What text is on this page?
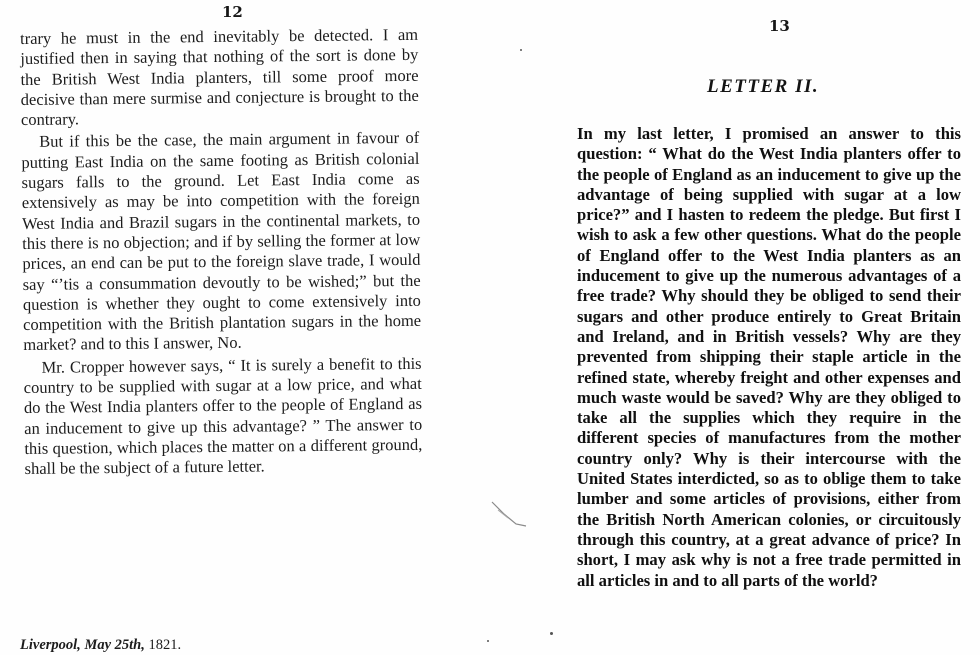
12

trary he must in the end inevitably be detected. I am justified then in saying that nothing of the sort is done by the British West India planters, till some proof more decisive than mere surmise and conjecture is brought to the contrary.

But if this be the case, the main argument in favour of putting East India on the same footing as British colonial sugars falls to the ground. Let East India come as extensively as may be into competition with the foreign West India and Brazil sugars in the continental markets, to this there is no objection; and if by selling the former at low prices, an end can be put to the foreign slave trade, I would say “’tis a consummation devoutly to be wished;” but the question is whether they ought to come extensively into competition with the British plantation sugars in the home market? and to this I answer, No.

Mr. Cropper however says, “ It is surely a benefit to this country to be supplied with sugar at a low price, and what do the West India planters offer to the people of England as an inducement to give up this advantage? ” The answer to this question, which places the matter on a different ground, shall be the subject of a future letter.

Liverpool, May 25th, 1821.
13
LETTER II.

In my last letter, I promised an answer to this question: “ What do the West India planters offer to the people of England as an inducement to give up the advantage of being supplied with sugar at a low price?” and I hasten to redeem the pledge. But first I wish to ask a few other questions. What do the people of England offer to the West India planters as an inducement to give up the numerous advantages of a free trade? Why should they be obliged to send their sugars and other produce entirely to Great Britain and Ireland, and in British vessels? Why are they prevented from shipping their staple article in the refined state, whereby freight and other expenses and much waste would be saved? Why are they obliged to take all the supplies which they require in the different species of manufactures from the mother country only? Why is their intercourse with the United States interdicted, so as to oblige them to take lumber and some articles of provisions, either from the British North American colonies, or circuitously through this country, at a great advance of price? In short, I may ask why is not a free trade permitted in all articles in and to all parts of the world?
